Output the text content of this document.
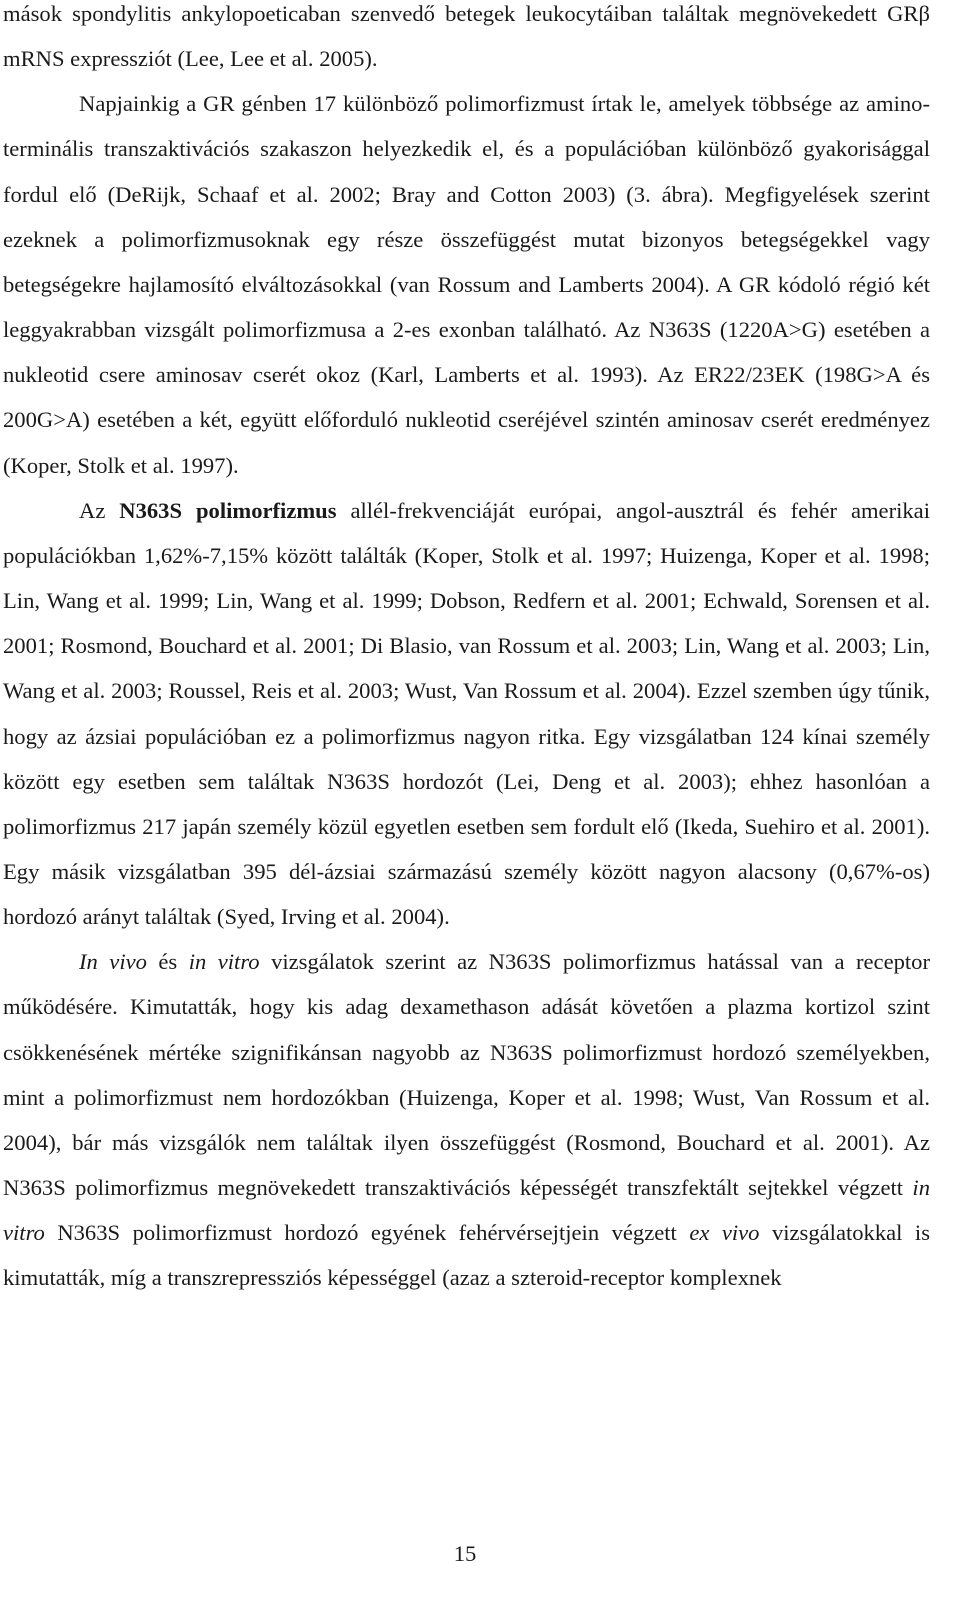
mások spondylitis ankylopoeticaban szenvedő betegek leukocytáiban találtak megnövekedett GRβ mRNS expressziót (Lee, Lee et al. 2005).

Napjainkig a GR génben 17 különböző polimorfizmust írtak le, amelyek többsége az amino-terminális transzaktivációs szakaszon helyezkedik el, és a populációban különböző gyakorisággal fordul elő (DeRijk, Schaaf et al. 2002; Bray and Cotton 2003) (3. ábra). Megfigyelések szerint ezeknek a polimorfizmusoknak egy része összefüggést mutat bizonyos betegségekkel vagy betegségekre hajlamosító elváltozásokkal (van Rossum and Lamberts 2004). A GR kódoló régió két leggyakrabban vizsgált polimorfizmusa a 2-es exonban található. Az N363S (1220A>G) esetében a nukleotid csere aminosav cserét okoz (Karl, Lamberts et al. 1993). Az ER22/23EK (198G>A és 200G>A) esetében a két, együtt előforduló nukleotid cseréjével szintén aminosav cserét eredményez (Koper, Stolk et al. 1997).

Az N363S polimorfizmus allél-frekvenciáját európai, angol-ausztrál és fehér amerikai populációkban 1,62%-7,15% között találták (Koper, Stolk et al. 1997; Huizenga, Koper et al. 1998; Lin, Wang et al. 1999; Lin, Wang et al. 1999; Dobson, Redfern et al. 2001; Echwald, Sorensen et al. 2001; Rosmond, Bouchard et al. 2001; Di Blasio, van Rossum et al. 2003; Lin, Wang et al. 2003; Lin, Wang et al. 2003; Roussel, Reis et al. 2003; Wust, Van Rossum et al. 2004). Ezzel szemben úgy tűnik, hogy az ázsiai populációban ez a polimorfizmus nagyon ritka. Egy vizsgálatban 124 kínai személy között egy esetben sem találtak N363S hordozót (Lei, Deng et al. 2003); ehhez hasonlóan a polimorfizmus 217 japán személy közül egyetlen esetben sem fordult elő (Ikeda, Suehiro et al. 2001). Egy másik vizsgálatban 395 dél-ázsiai származású személy között nagyon alacsony (0,67%-os) hordozó arányt találtak (Syed, Irving et al. 2004).

In vivo és in vitro vizsgálatok szerint az N363S polimorfizmus hatással van a receptor működésére. Kimutatták, hogy kis adag dexamethason adását követően a plazma kortizol szint csökkenésének mértéke szignifikánsan nagyobb az N363S polimorfizmust hordozó személyekben, mint a polimorfizmust nem hordozókban (Huizenga, Koper et al. 1998; Wust, Van Rossum et al. 2004), bár más vizsgálók nem találtak ilyen összefüggést (Rosmond, Bouchard et al. 2001). Az N363S polimorfizmus megnövekedett transzaktivációs képességét transzfektált sejtekkel végzett in vitro N363S polimorfizmust hordozó egyének fehérvérsejtjein végzett ex vivo vizsgálatokkal is kimutatták, míg a transzrepressziós képességgel (azaz a szteroid-receptor komplexnek

15
